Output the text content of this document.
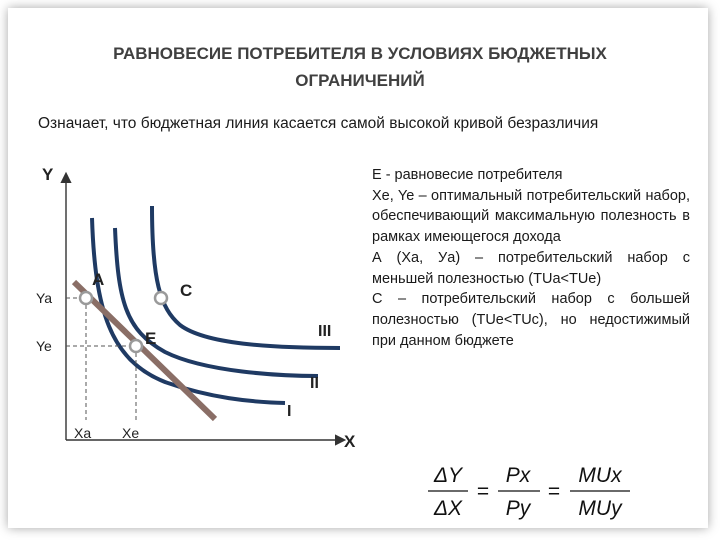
РАВНОВЕСИЕ ПОТРЕБИТЕЛЯ В УСЛОВИЯХ БЮДЖЕТНЫХ
ОГРАНИЧЕНИЙ
Означает, что бюджетная линия касается самой высокой кривой безразличия
Y
X
A
C
E
Ya
Ye
Xa Xe
I
II
III

Е - равновесие потребителя

Xe, Ye – оптимальный потребительский набор, обеспечивающий максимальную полезность в рамках имеющегося дохода

А (Ха, Уа) – потребительский набор с меньшей полезностью (TUa<TUe)

С – потребительский набор с большей полезностью (TUe<TUc), но недостижимый при данном бюджете

ΔY
ΔX
=
Px
Py
=
MUx
MUy
